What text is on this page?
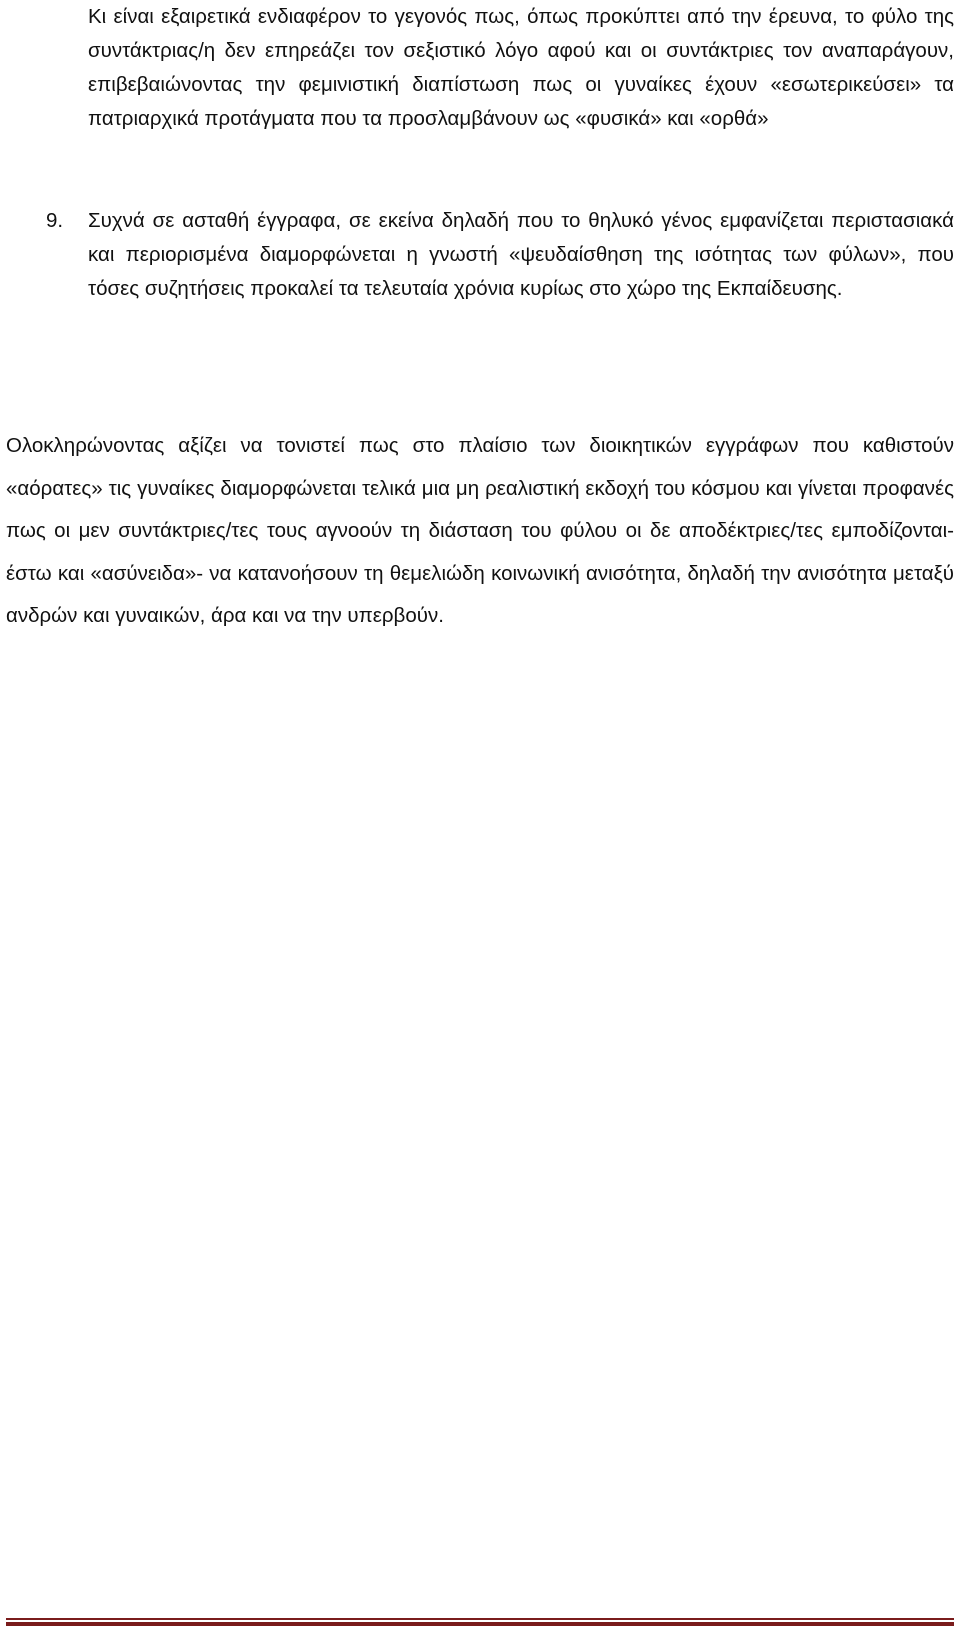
Κι είναι εξαιρετικά ενδιαφέρον το γεγονός πως, όπως προκύπτει από την έρευνα, το φύλο της συντάκτριας/η δεν επηρεάζει τον σεξιστικό λόγο αφού και οι συντάκτριες τον αναπαράγουν, επιβεβαιώνοντας την φεμινιστική διαπίστωση πως οι γυναίκες έχουν «εσωτερικεύσει» τα πατριαρχικά προτάγματα που τα προσλαμβάνουν ως «φυσικά» και «ορθά»

9.	Συχνά σε ασταθή έγγραφα, σε εκείνα δηλαδή που το θηλυκό γένος εμφανίζεται περιστασιακά και περιορισμένα διαμορφώνεται η γνωστή «ψευδαίσθηση της ισότητας των φύλων», που τόσες συζητήσεις προκαλεί τα τελευταία χρόνια κυρίως στο χώρο της Εκπαίδευσης.

Ολοκληρώνοντας αξίζει να τονιστεί πως στο πλαίσιο των διοικητικών εγγράφων που καθιστούν «αόρατες» τις γυναίκες διαμορφώνεται τελικά μια μη ρεαλιστική εκδοχή του κόσμου και γίνεται προφανές πως οι μεν συντάκτριες/τες τους αγνοούν τη διάσταση του φύλου οι δε αποδέκτριες/τες εμποδίζονται-έστω και «ασύνειδα»- να κατανοήσουν τη θεμελιώδη κοινωνική ανισότητα, δηλαδή την ανισότητα μεταξύ ανδρών και γυναικών, άρα και να την υπερβούν.
